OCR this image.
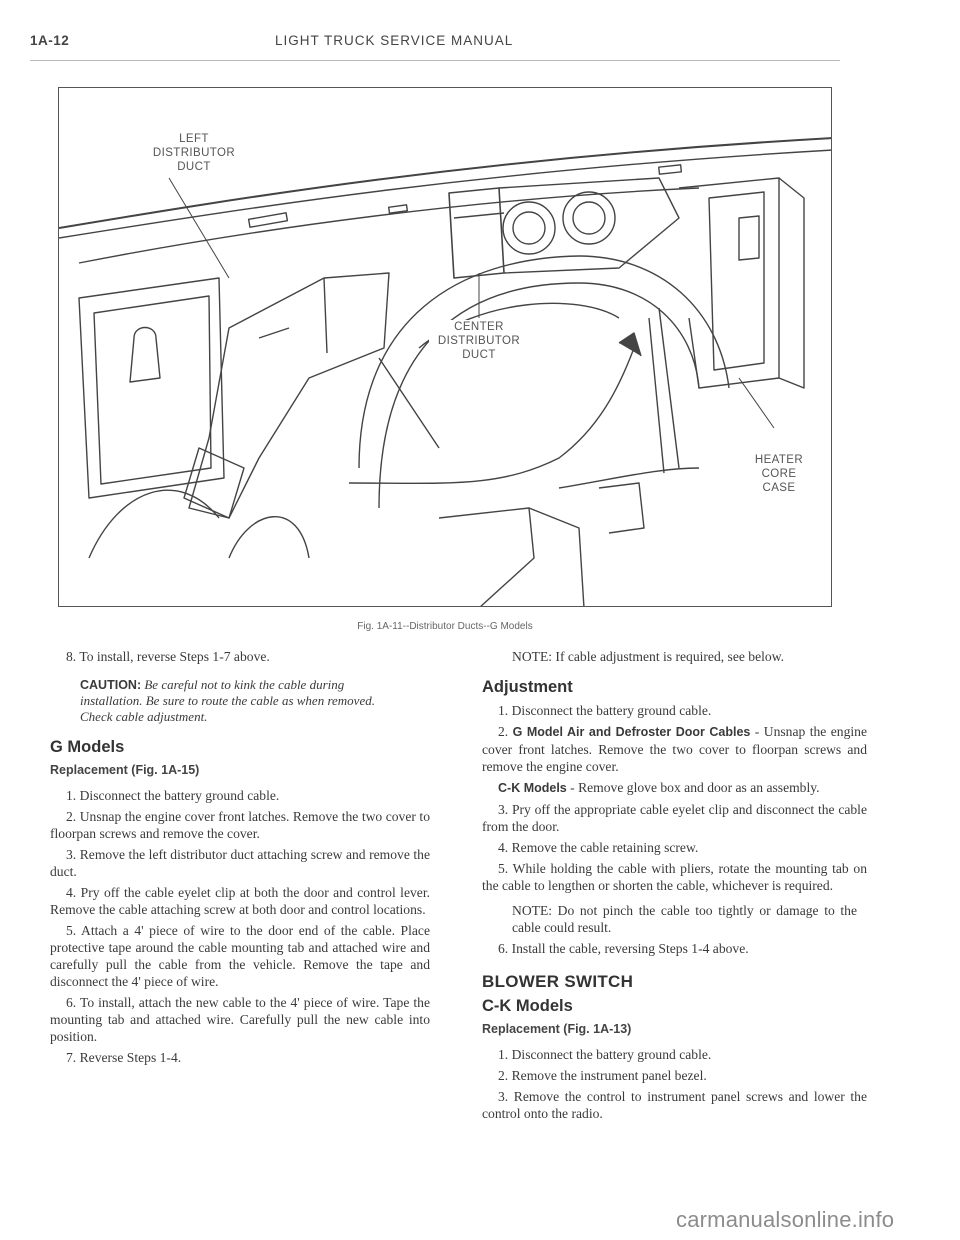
1A-12	LIGHT TRUCK SERVICE MANUAL
LEFT
DISTRIBUTOR
DUCT
CENTER
DISTRIBUTOR
DUCT
HEATER
CORE
CASE
Fig. 1A-11--Distributor Ducts--G Models

8. To install, reverse Steps 1-7 above.

CAUTION: Be careful not to kink the cable during installation. Be sure to route the cable as when removed. Check cable adjustment.
G Models
Replacement (Fig. 1A-15)

1. Disconnect the battery ground cable.

2. Unsnap the engine cover front latches. Remove the two cover to floorpan screws and remove the cover.

3. Remove the left distributor duct attaching screw and remove the duct.

4. Pry off the cable eyelet clip at both the door and control lever. Remove the cable attaching screw at both door and control locations.

5. Attach a 4' piece of wire to the door end of the cable. Place protective tape around the cable mounting tab and attached wire and carefully pull the cable from the vehicle. Remove the tape and disconnect the 4' piece of wire.

6. To install, attach the new cable to the 4' piece of wire. Tape the mounting tab and attached wire. Carefully pull the new cable into position.

7. Reverse Steps 1-4.

NOTE: If cable adjustment is required, see below.

Adjustment

1. Disconnect the battery ground cable.

2. G Model Air and Defroster Door Cables - Unsnap the engine cover front latches. Remove the two cover to floorpan screws and remove the engine cover.

C-K Models - Remove glove box and door as an assembly.

3. Pry off the appropriate cable eyelet clip and disconnect the cable from the door.

4. Remove the cable retaining screw.

5. While holding the cable with pliers, rotate the mounting tab on the cable to lengthen or shorten the cable, whichever is required.

NOTE: Do not pinch the cable too tightly or damage to the cable could result.

6. Install the cable, reversing Steps 1-4 above.

BLOWER SWITCH
C-K Models
Replacement (Fig. 1A-13)

1. Disconnect the battery ground cable.

2. Remove the instrument panel bezel.

3. Remove the control to instrument panel screws and lower the control onto the radio.

carmanualsonline.info
